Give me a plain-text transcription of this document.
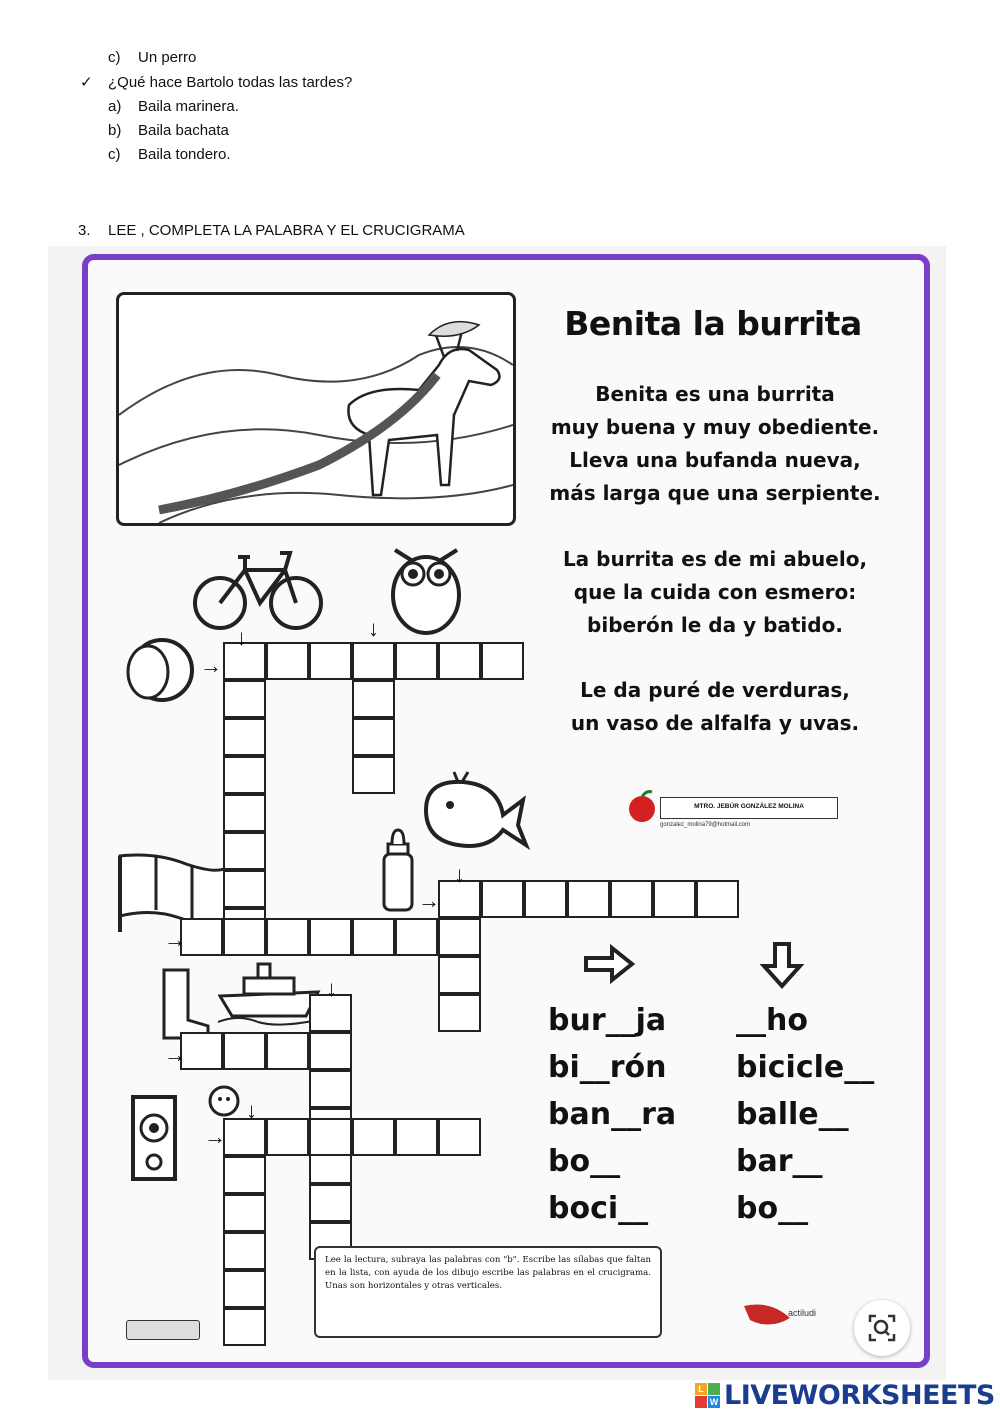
c) Un perro
✓ ¿Qué hace Bartolo todas las tardes?
a) Baila marinera.
b) Baila bachata
c) Baila tondero.
3. LEE , COMPLETA LA PALABRA Y EL CRUCIGRAMA
Benita la burrita
Benita es una burrita
muy buena y muy obediente.
Lleva una bufanda nueva,
más larga que una serpiente.
La burrita es de mi abuelo,
que la cuida con esmero:
biberón le da y batido.
Le da puré de verduras,
un vaso de alfalfa y uvas.
MTRO. JEBÚR GONZÁLEZ MOLINA
gonzalez_molina79@hotmail.com
↓	↓
→
↓
→
→
↓
→
↓
→
bur__ja
bi__rón
ban__ra
bo__
boci__
__ho
bicicle__
balle__
bar__
bo__
Lee la lectura, subraya las palabras con "b". Escribe las sílabas que faltan en la lista, con ayuda de los dibujo escribe las palabras en el crucigrama. Unas son horizontales y otras verticales.
actiludi
L
W LIVEWORKSHEETS
